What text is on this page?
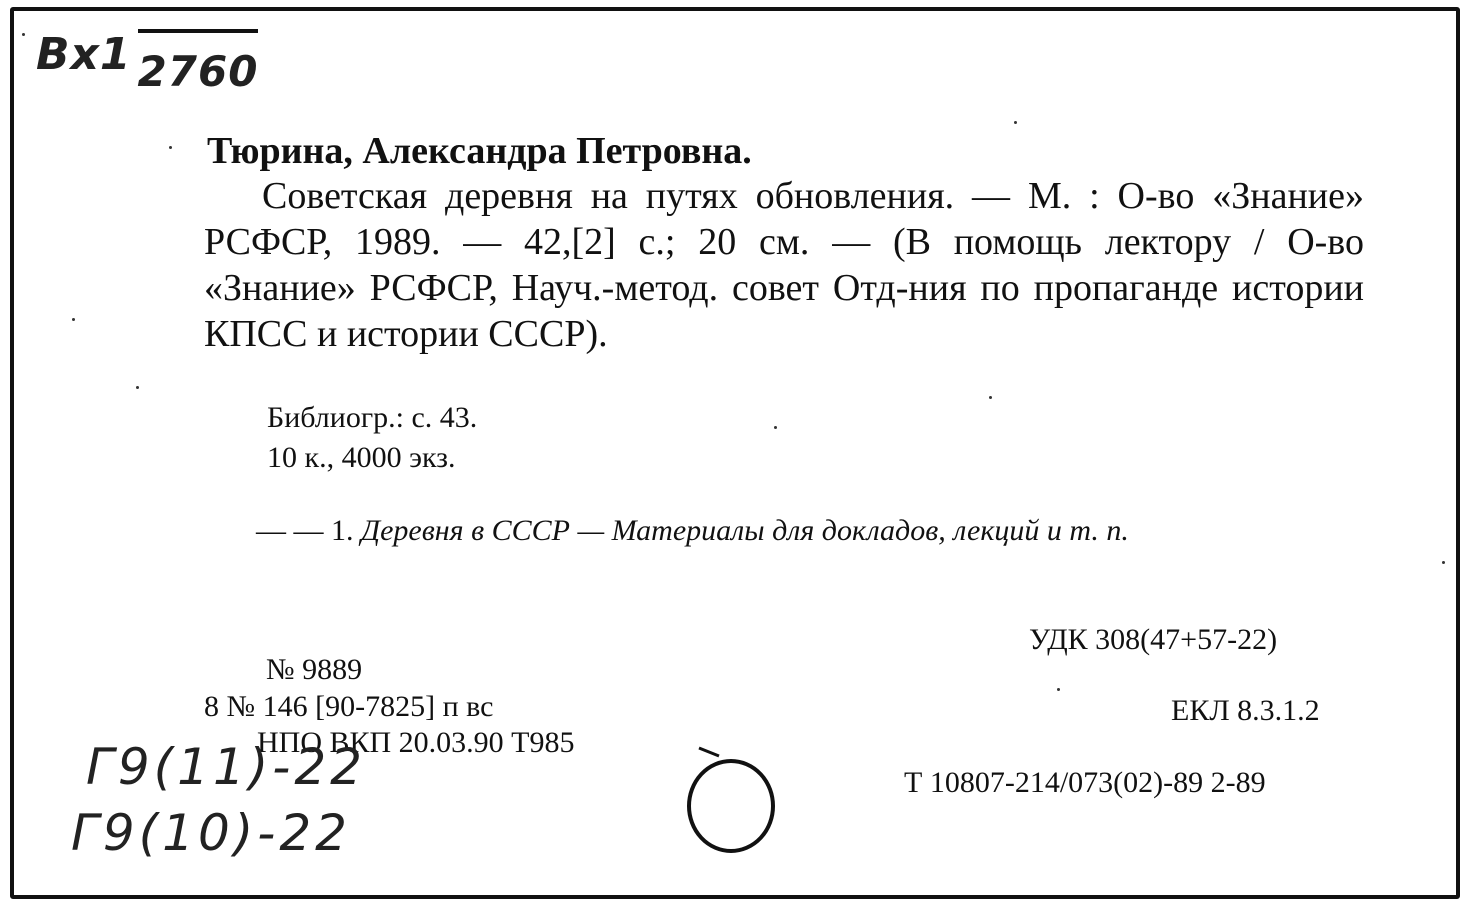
Вх1 2760
Тюрина, Александра Петровна.
Советская деревня на путях обновления. — М. : О-во «Знание» РСФСР, 1989. — 42,[2] с.; 20 см. — (В помощь лектору / О-во «Знание» РСФСР, Науч.-метод. совет Отд-ния по пропаганде истории КПСС и истории СССР).
Библиогр.: с. 43.
10 к., 4000 экз.
— — 1. Деревня в СССР — Материалы для докладов, лекций и т. п.
УДК 308(47+57-22)
ЕКЛ 8.3.1.2
Т 10807-214/073(02)-89 2-89
№ 9889
8 № 146 [90-7825] п вс
НПО ВКП 20.03.90 Т985
Г9(11)-22
Г9(10)-22
